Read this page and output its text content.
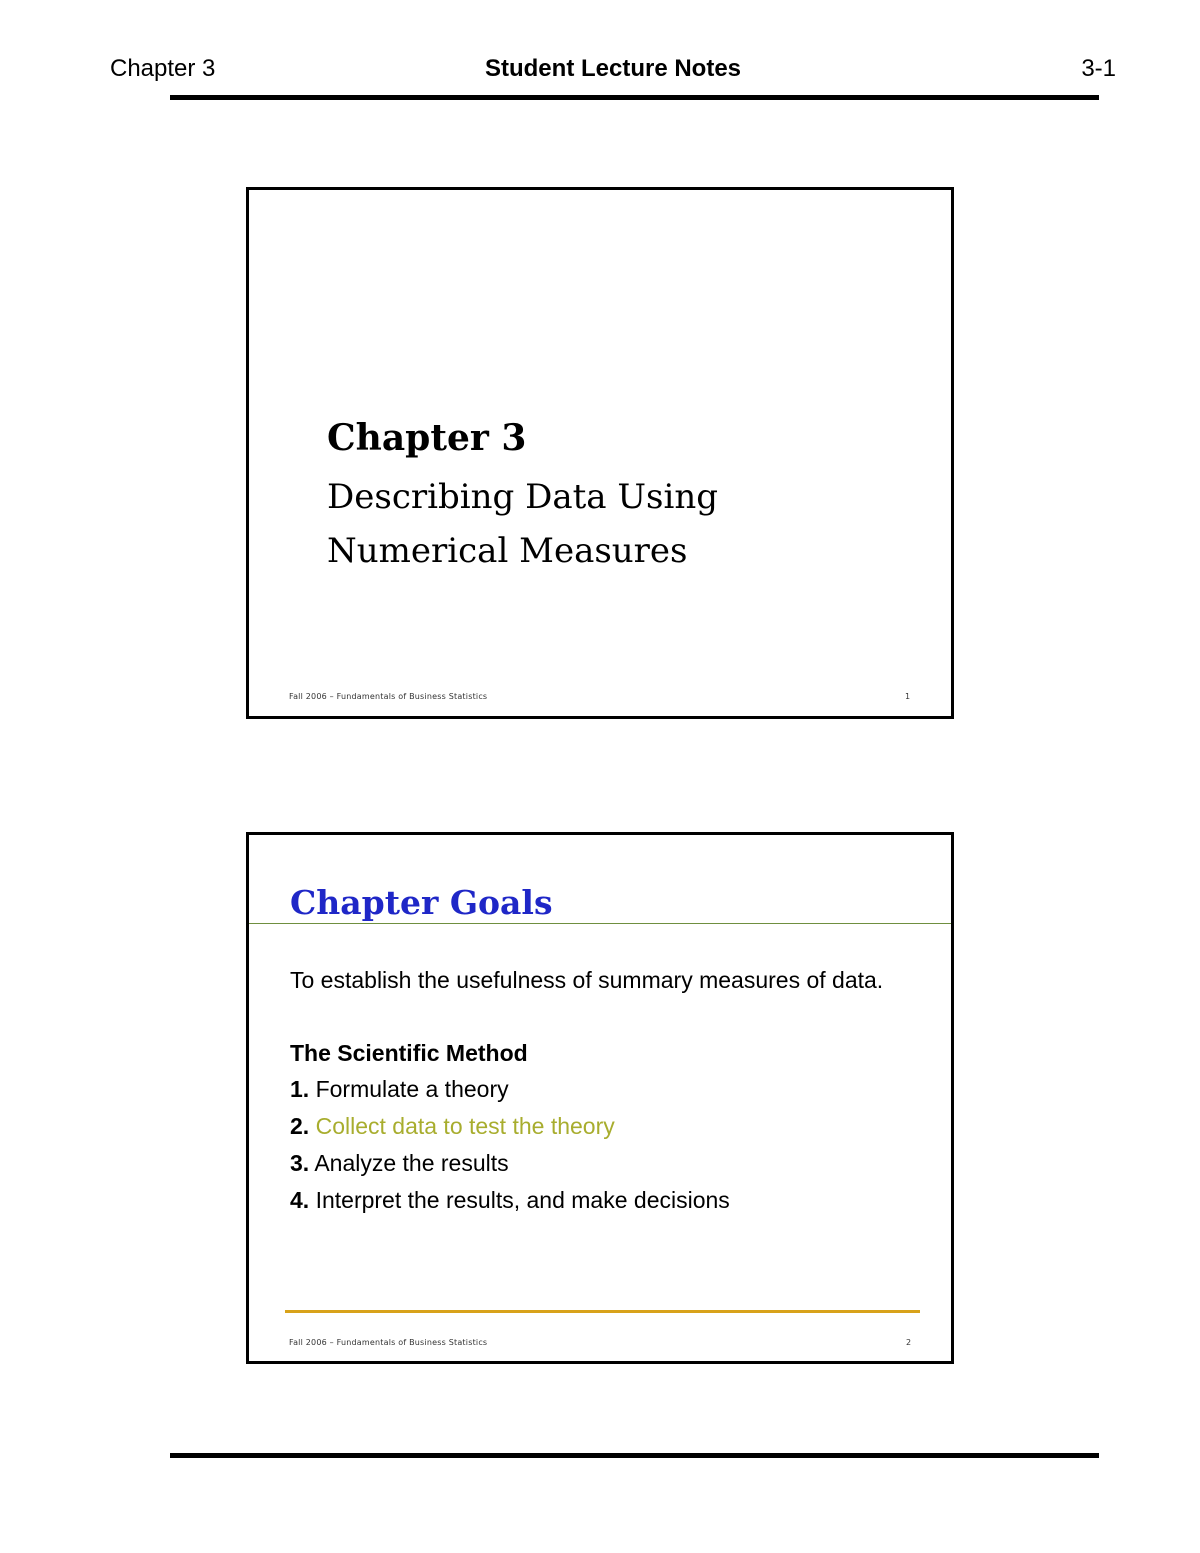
Chapter 3	Student Lecture Notes	3-1
Chapter 3
Describing Data Using
Numerical Measures
Fall 2006 – Fundamentals of Business Statistics	1
Chapter Goals

To establish the usefulness of summary measures of data.

The Scientific Method

1. Formulate a theory
2. Collect data to test the theory
3. Analyze the results
4. Interpret the results, and make decisions
Fall 2006 – Fundamentals of Business Statistics	2
